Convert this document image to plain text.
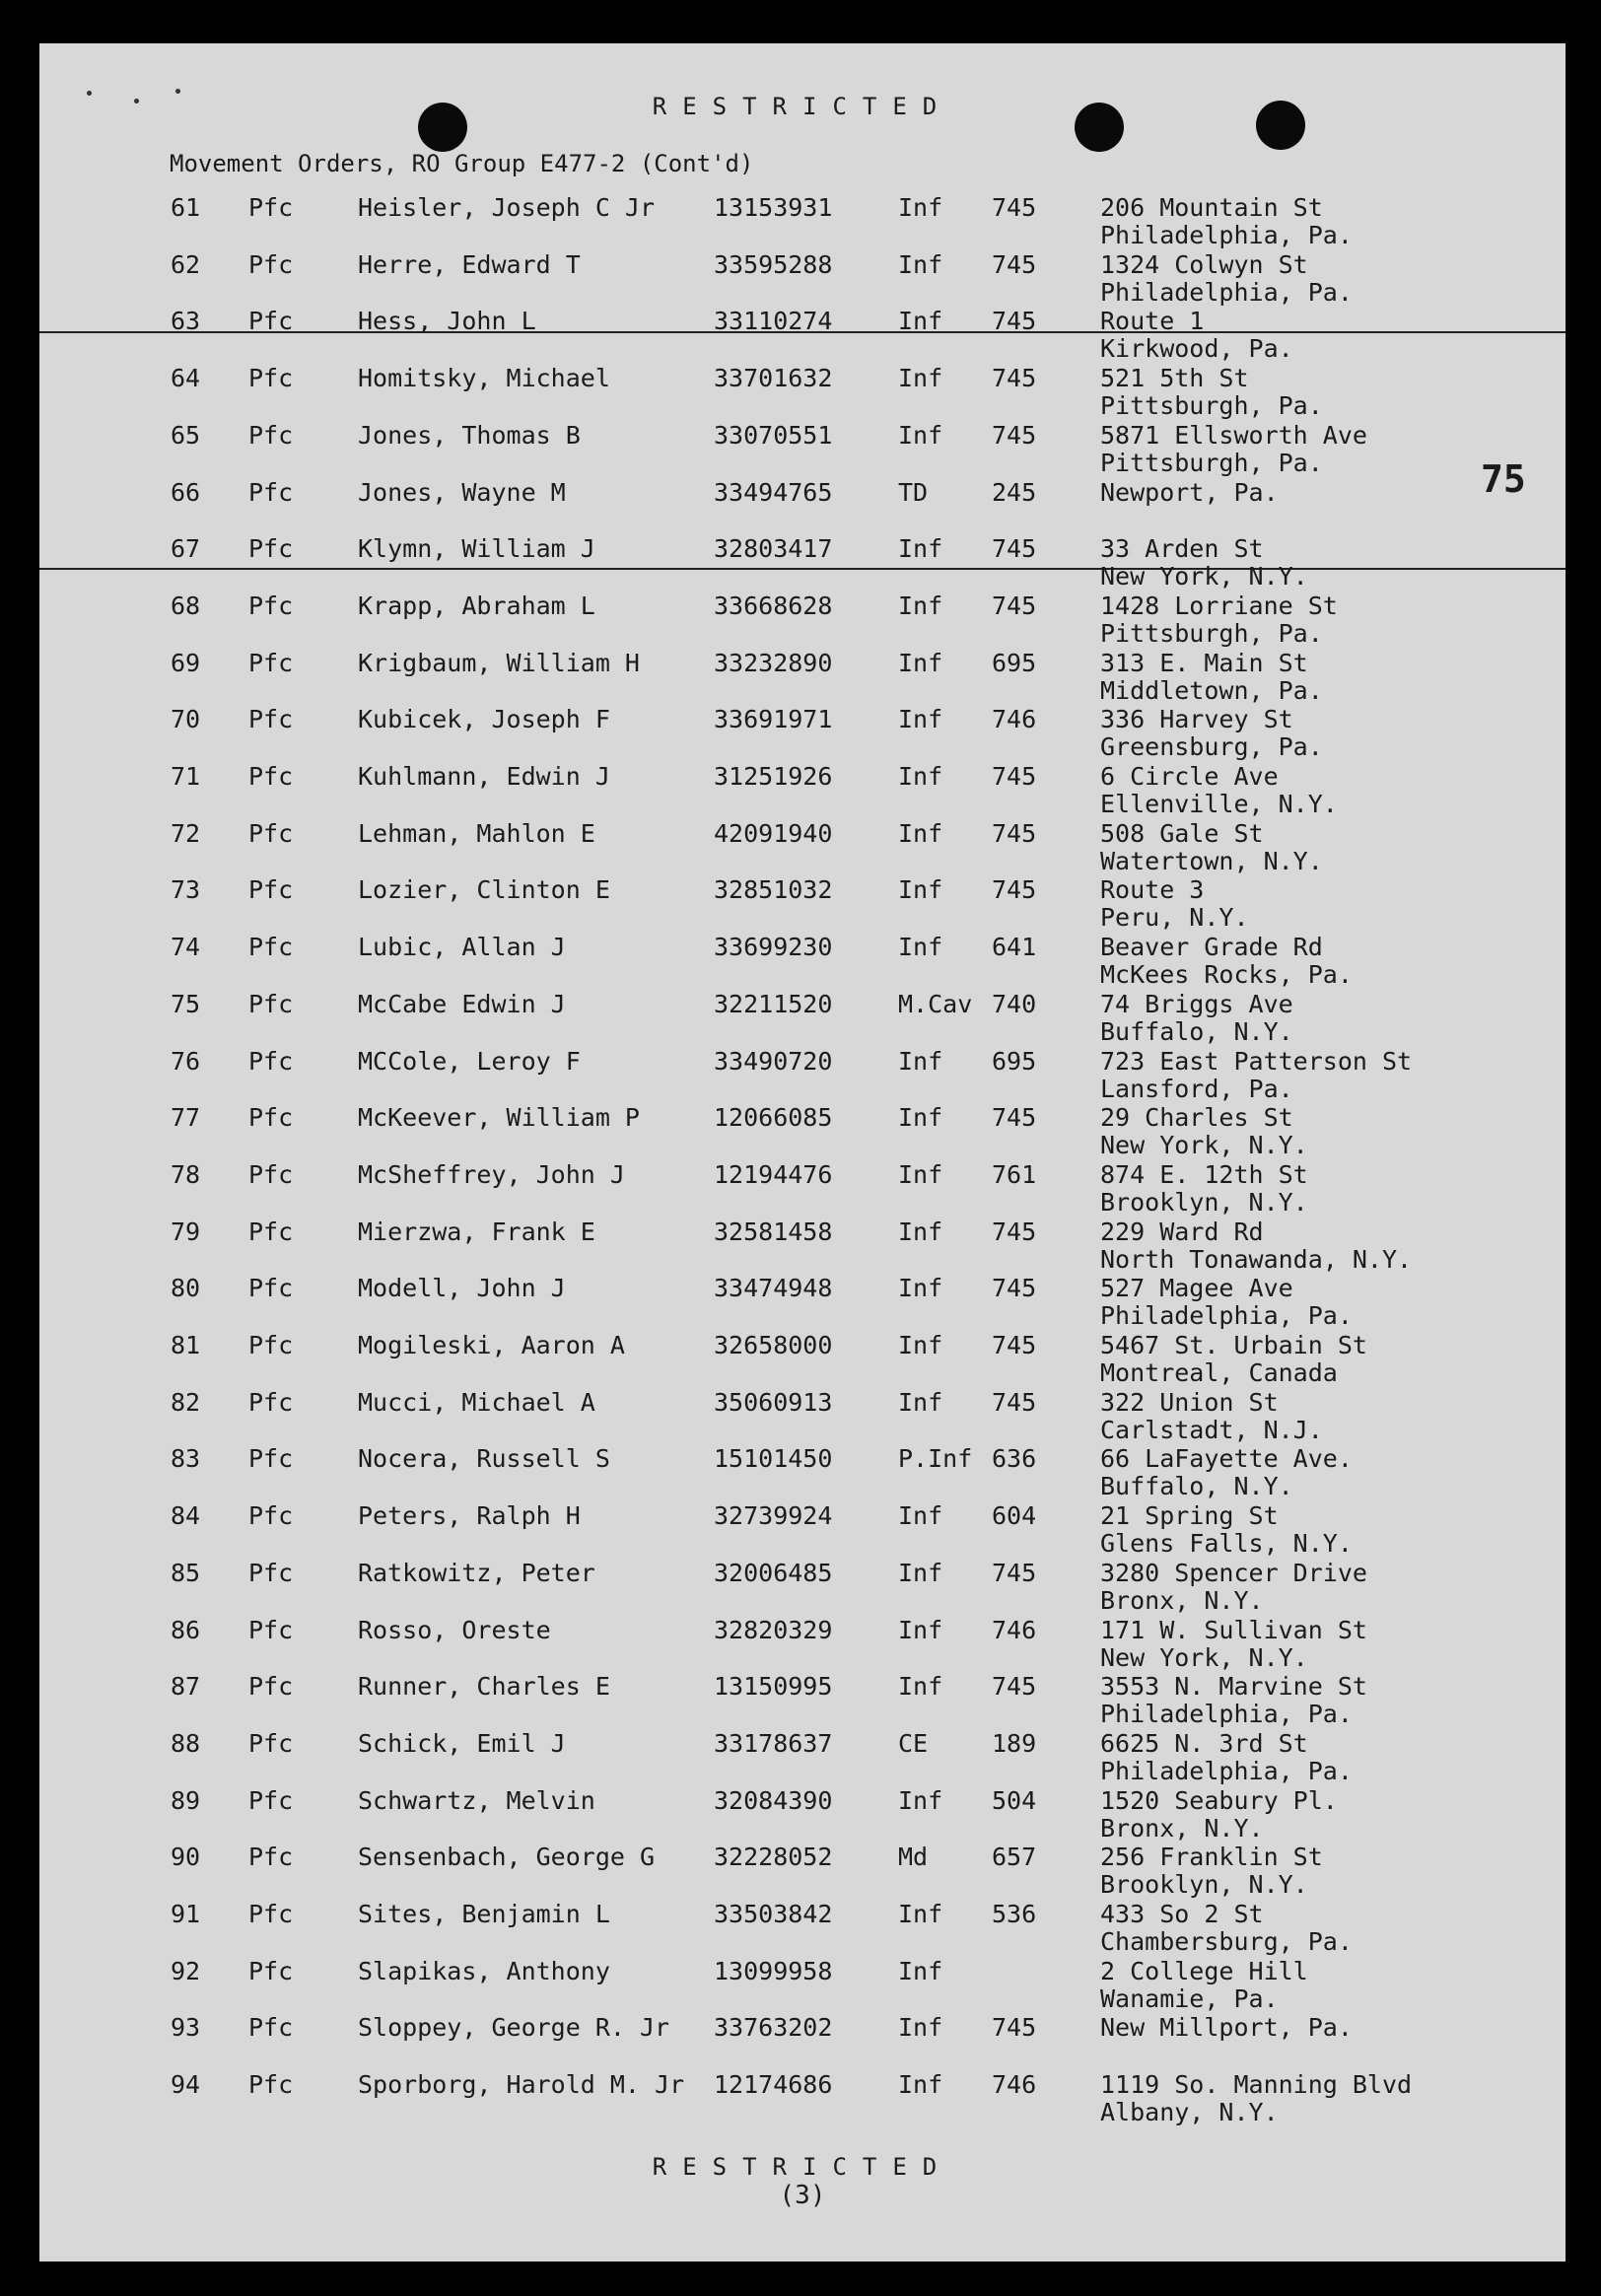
RESTRICTED
Movement Orders, RO Group E477-2 (Cont'd)
75
61 Pfc	Heisler, Joseph C Jr 13153931	Inf 745	206 Mountain St
Philadelphia, Pa.
62 Pfc	Herre, Edward T	33595288	Inf 745	1324 Colwyn St
Philadelphia, Pa.
63 Pfc	Hess, John L	33110274	Inf 745	Route 1
Kirkwood, Pa.
64 Pfc	Homitsky, Michael	33701632	Inf 745	521 5th St
Pittsburgh, Pa.
65 Pfc	Jones, Thomas B	33070551	Inf 745	5871 Ellsworth Ave
Pittsburgh, Pa.
66 Pfc	Jones, Wayne M	33494765	TD	245	Newport, Pa.
67 Pfc	Klymn, William J	32803417	Inf 745	33 Arden St
New York, N.Y.
68 Pfc	Krapp, Abraham L	33668628	Inf 745	1428 Lorriane St
Pittsburgh, Pa.
69 Pfc	Krigbaum, William H	33232890	Inf 695	313 E. Main St
Middletown, Pa.
70 Pfc	Kubicek, Joseph F	33691971	Inf 746	336 Harvey St
Greensburg, Pa.
71 Pfc	Kuhlmann, Edwin J	31251926	Inf 745	6 Circle Ave
Ellenville, N.Y.
72 Pfc	Lehman, Mahlon E	42091940	Inf 745	508 Gale St
Watertown, N.Y.
73 Pfc	Lozier, Clinton E	32851032	Inf 745	Route 3
Peru, N.Y.
74 Pfc	Lubic, Allan J	33699230	Inf 641	Beaver Grade Rd
McKees Rocks, Pa.
75 Pfc	McCabe Edwin J	32211520	M.Cav 740	74 Briggs Ave
Buffalo, N.Y.
76 Pfc	MCCole, Leroy F	33490720	Inf 695	723 East Patterson St
Lansford, Pa.
77 Pfc	McKeever, William P	12066085	Inf 745	29 Charles St
New York, N.Y.
78 Pfc	McSheffrey, John J	12194476	Inf 761	874 E. 12th St
Brooklyn, N.Y.
79 Pfc	Mierzwa, Frank E	32581458	Inf 745	229 Ward Rd
North Tonawanda, N.Y.
80 Pfc	Modell, John J	33474948	Inf 745	527 Magee Ave
Philadelphia, Pa.
81 Pfc	Mogileski, Aaron A	32658000	Inf 745	5467 St. Urbain St
Montreal, Canada
82 Pfc	Mucci, Michael A	35060913	Inf 745	322 Union St
Carlstadt, N.J.
83 Pfc	Nocera, Russell S	15101450	P.Inf 636	66 LaFayette Ave.
Buffalo, N.Y.
84 Pfc	Peters, Ralph H	32739924	Inf 604	21 Spring St
Glens Falls, N.Y.
85 Pfc	Ratkowitz, Peter	32006485	Inf 745	3280 Spencer Drive
Bronx, N.Y.
86 Pfc	Rosso, Oreste	32820329	Inf 746	171 W. Sullivan St
New York, N.Y.
87 Pfc	Runner, Charles E	13150995	Inf 745	3553 N. Marvine St
Philadelphia, Pa.
88 Pfc	Schick, Emil J	33178637	CE	189	6625 N. 3rd St
Philadelphia, Pa.
89 Pfc	Schwartz, Melvin	32084390	Inf 504	1520 Seabury Pl.
Bronx, N.Y.
90 Pfc	Sensenbach, George G 32228052	Md	657	256 Franklin St
Brooklyn, N.Y.
91 Pfc	Sites, Benjamin L	33503842	Inf 536	433 So 2 St
Chambersburg, Pa.
92 Pfc	Slapikas, Anthony	13099958	Inf	2 College Hill
Wanamie, Pa.
93 Pfc	Sloppey, George R. Jr 33763202	Inf 745	New Millport, Pa.
94 Pfc	Sporborg, Harold M. Jr 12174686	Inf 746	1119 So. Manning Blvd
Albany, N.Y.
RESTRICTED
(3)
